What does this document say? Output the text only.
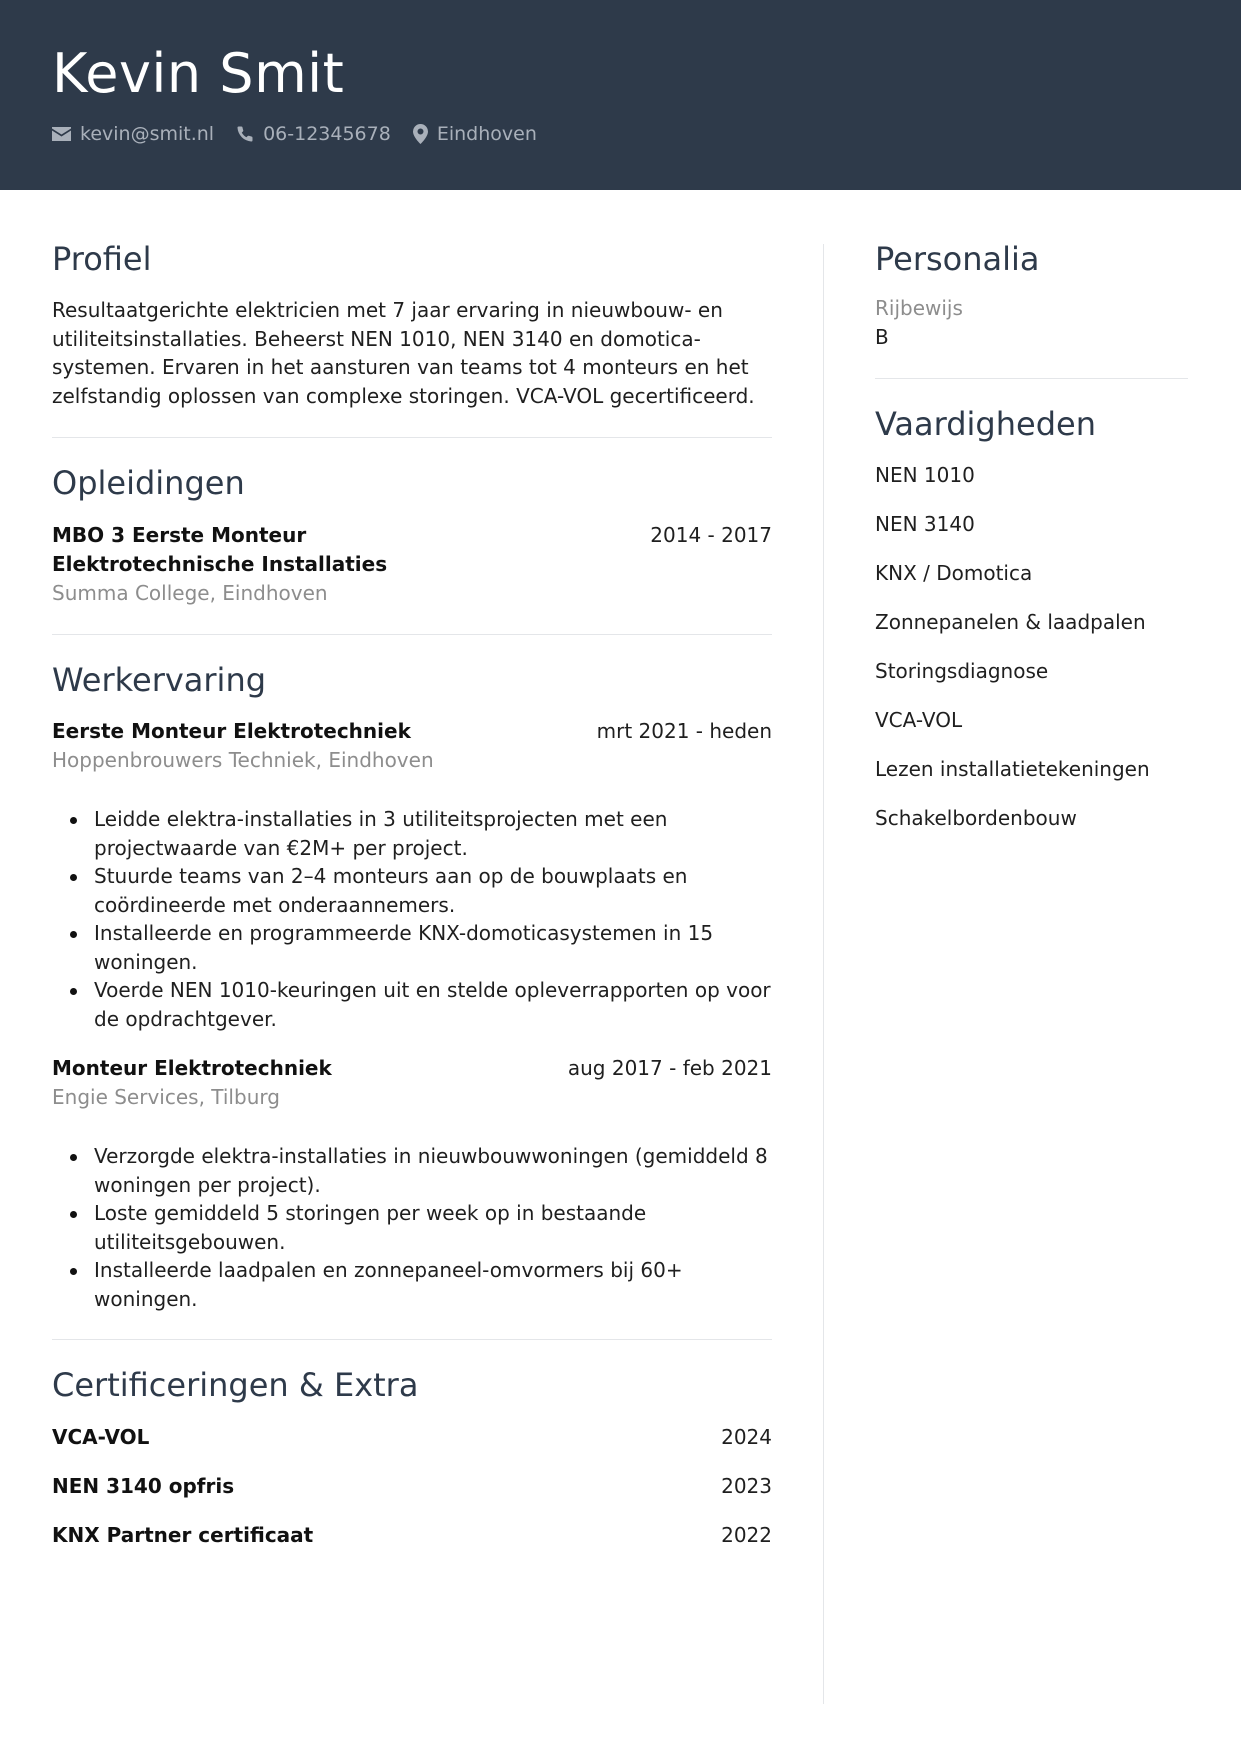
Kevin Smit
kevin@smit.nl	06-12345678 Eindhoven
Profiel

Resultaatgerichte elektricien met 7 jaar ervaring in nieuwbouw- en utiliteitsinstallaties. Beheerst NEN 1010, NEN 3140 en domotica-systemen. Ervaren in het aansturen van teams tot 4 monteurs en het zelfstandig oplossen van complexe storingen. VCA-VOL gecertificeerd.

Opleidingen
MBO 3 Eerste Monteur Elektrotechnische Installaties
2014 - 2017
Summa College, Eindhoven
Werkervaring
Eerste Monteur Elektrotechniek	mrt 2021 - heden
Hoppenbrouwers Techniek, Eindhoven
Leidde elektra-installaties in 3 utiliteitsprojecten met een projectwaarde van €2M+ per project.
Stuurde teams van 2–4 monteurs aan op de bouwplaats en coördineerde met onderaannemers.
Installeerde en programmeerde KNX-domoticasystemen in 15 woningen.
Voerde NEN 1010-keuringen uit en stelde opleverrapporten op voor de opdrachtgever.
Monteur Elektrotechniek	aug 2017 - feb 2021
Engie Services, Tilburg
Verzorgde elektra-installaties in nieuwbouwwoningen (gemiddeld 8 woningen per project).
Loste gemiddeld 5 storingen per week op in bestaande utiliteitsgebouwen.
Installeerde laadpalen en zonnepaneel-omvormers bij 60+ woningen.
Certificeringen & Extra
VCA-VOL	2024
NEN 3140 opfris	2023
KNX Partner certificaat	2022
Personalia
Rijbewijs
B
Vaardigheden
NEN 1010
NEN 3140
KNX / Domotica
Zonnepanelen & laadpalen
Storingsdiagnose
VCA-VOL
Lezen installatietekeningen
Schakelbordenbouw
